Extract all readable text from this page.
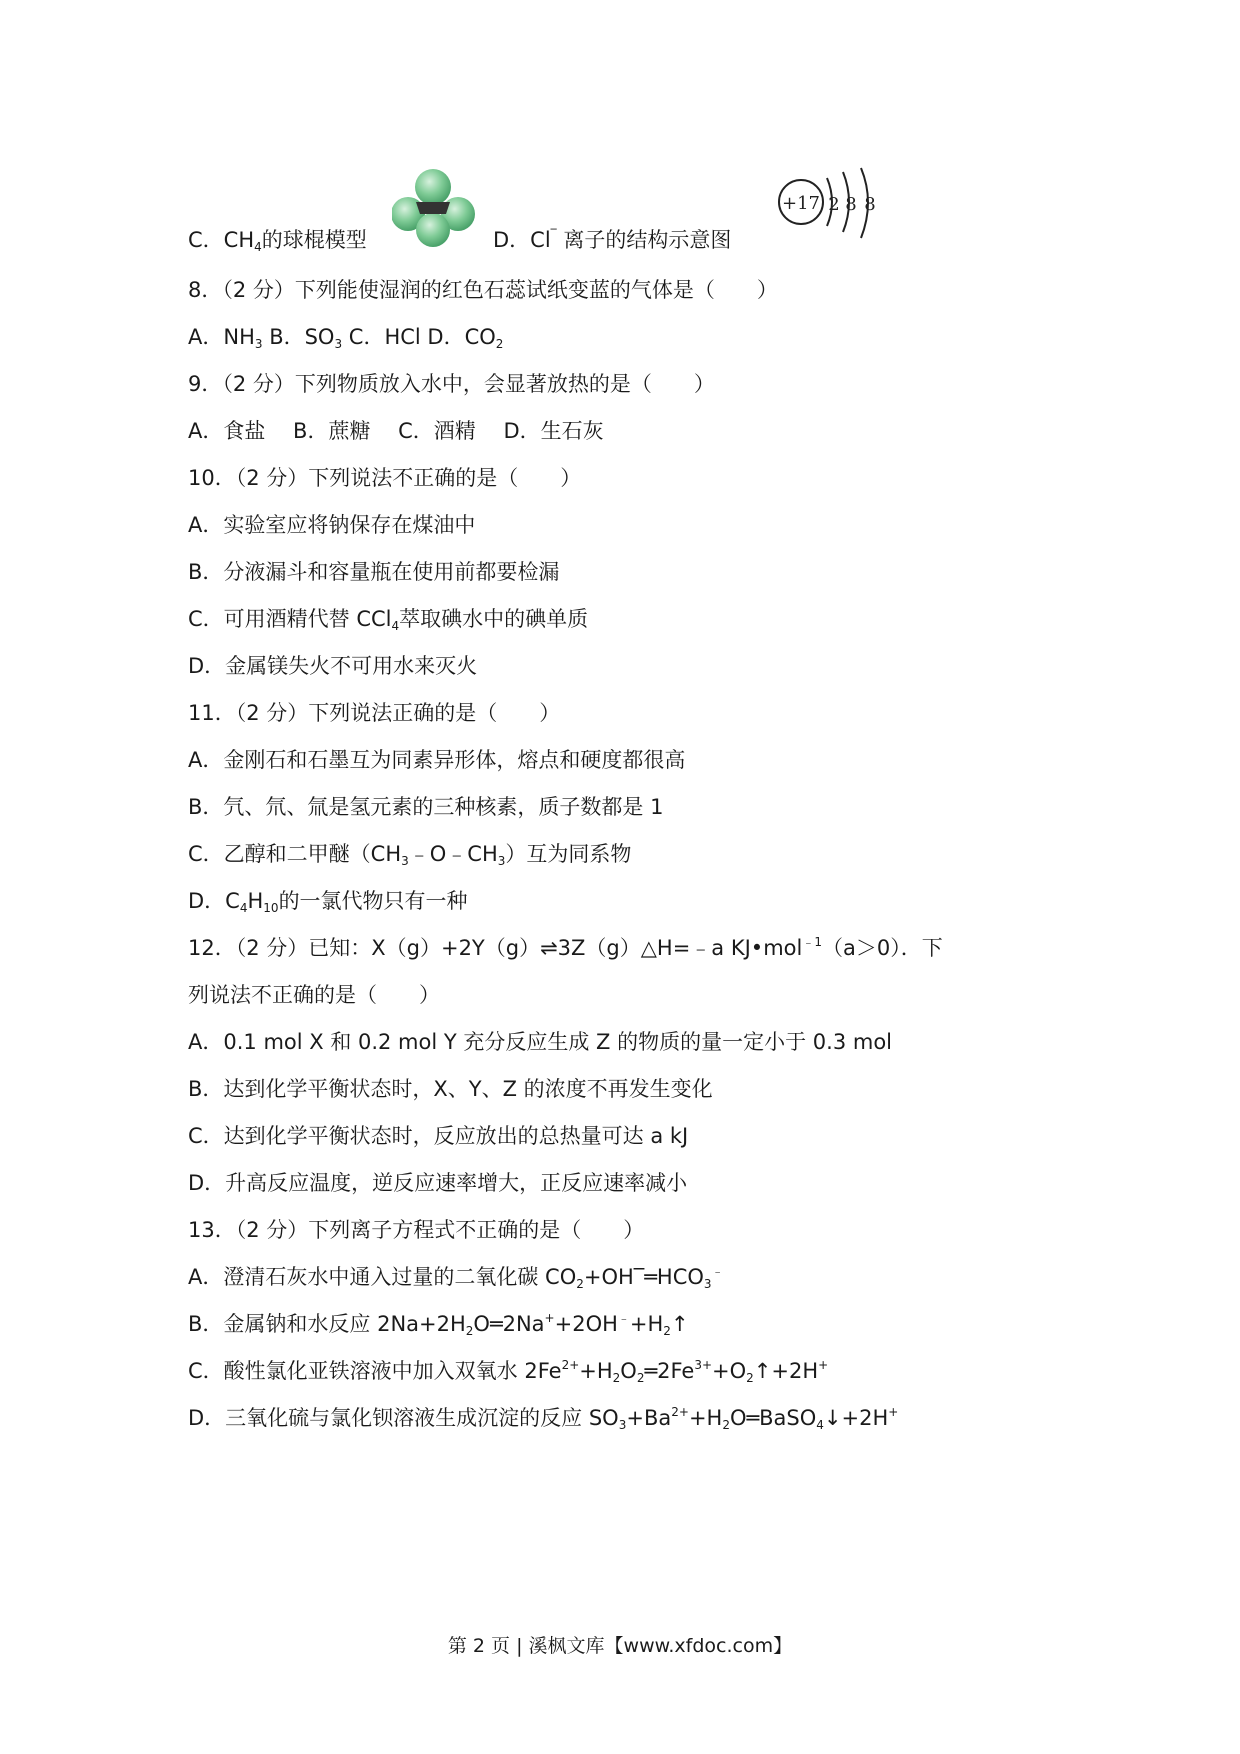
C．$CH_4$的球棍模型	D．Cl‾ 离子的结构示意图
+17 2 8 8
8．（2 分）下列能使湿润的红色石蕊试纸变蓝的气体是（　　）
A．$NH_3$ B．$SO_3$ C．HCl D．$CO_2$
9．（2 分）下列物质放入水中，会显著放热的是（　　）
A．食盐　 B．蔗糖　 C．酒精　 D．生石灰
10．（2 分）下列说法不正确的是（　　）
A．实验室应将钠保存在煤油中
B．分液漏斗和容量瓶在使用前都要检漏
C．可用酒精代替 CCl$_4$萃取碘水中的碘单质
D．金属镁失火不可用水来灭火
11．（2 分）下列说法正确的是（　　）
A．金刚石和石墨互为同素异形体，熔点和硬度都很高
B．氕、氘、氚是氢元素的三种核素，质子数都是 1
C．乙醇和二甲醚$(CH_3﹣O﹣CH_3)$互为同系物
D．$C_4H_{10}$的一氯代物只有一种
12．（2 分）已知：X（g）+2Y（g）⇌3Z（g）△H=﹣a KJ•mol$^{﹣1}$（a＞0）．下
列说法不正确的是（　　）
A．0.1 mol X 和 0.2 mol Y 充分反应生成 Z 的物质的量一定小于 0.3 mol
B．达到化学平衡状态时，X、Y、Z 的浓度不再发生变化
C．达到化学平衡状态时，反应放出的总热量可达 a kJ
D．升高反应温度，逆反应速率增大，正反应速率减小
13．（2 分）下列离子方程式不正确的是（　　）
A．澄清石灰水中通入过量的二氧化碳 $CO_2+OH‾═HCO_3^﹣$
B．金属钠和水反应 $2Na+2H_2O═2Na^++2OH^﹣+H_2↑$
C．酸性氯化亚铁溶液中加入双氧水 $2Fe^{2+}+H_2O_2═2Fe^{3+}+O_2↑+2H^+$
D．三氧化硫与氯化钡溶液生成沉淀的反应 $SO_3+Ba^{2+}+H_2O═BaSO_4↓+2H^+$
第 2 页 | 溪枫文库【www.xfdoc.com】
